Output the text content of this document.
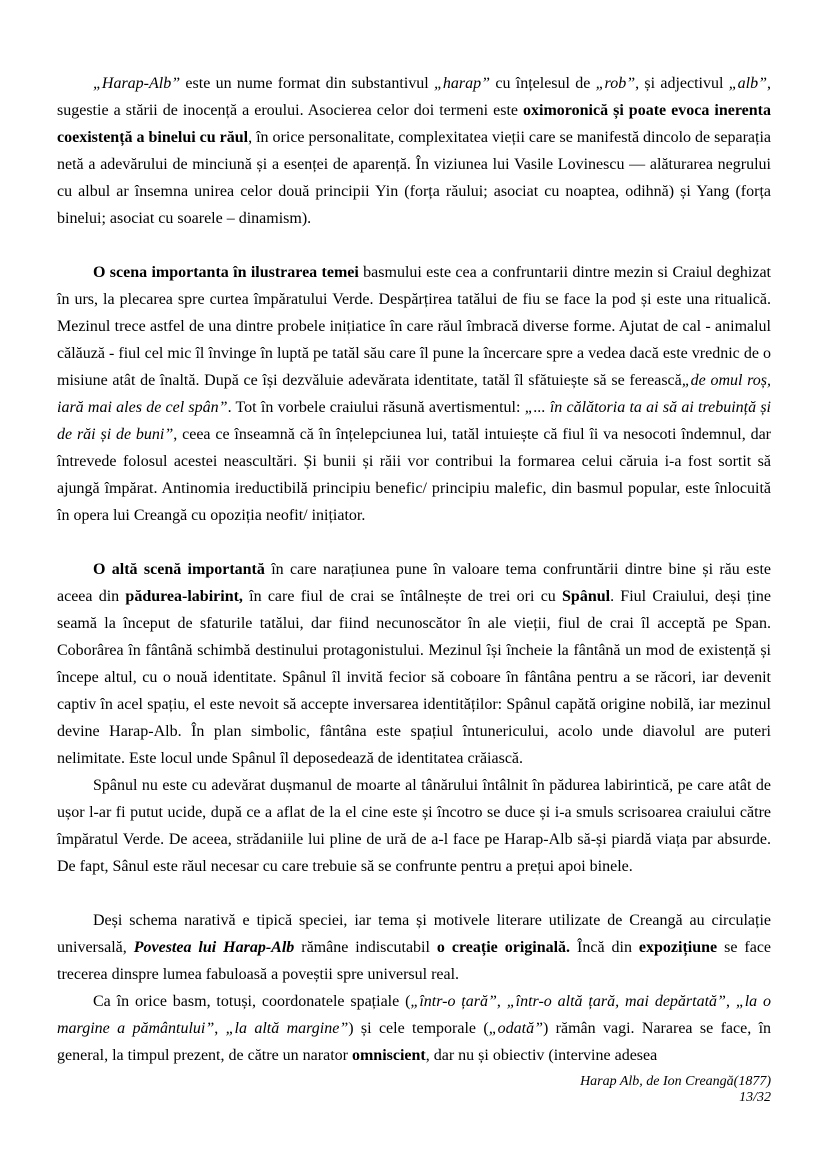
„Harap-Alb” este un nume format din substantivul „harap” cu înțelesul de „rob”, și adjectivul „alb”, sugestie a stării de inocență a eroului. Asocierea celor doi termeni este oximoronică și poate evoca inerenta coexistență a binelui cu răul, în orice personalitate, complexitatea vieții care se manifestă dincolo de separația netă a adevărului de minciună și a esenței de aparență. În viziunea lui Vasile Lovinescu — alăturarea negrului cu albul ar însemna unirea celor două principii Yin (forța răului; asociat cu noaptea, odihnă) și Yang (forța binelui; asociat cu soarele – dinamism).

O scena importanta în ilustrarea temei basmului este cea a confruntarii dintre mezin si Craiul deghizat în urs, la plecarea spre curtea împăratului Verde. Despărțirea tatălui de fiu se face la pod și este una ritualică. Mezinul trece astfel de una dintre probele inițiatice în care răul îmbracă diverse forme. Ajutat de cal - animalul călăuză - fiul cel mic îl învinge în luptă pe tatăl său care îl pune la încercare spre a vedea dacă este vrednic de o misiune atât de înaltă. După ce își dezvăluie adevărata identitate, tatăl îl sfătuiește să se ferească„de omul roș, iară mai ales de cel spân”. Tot în vorbele craiului răsună avertismentul: „... în călătoria ta ai să ai trebuință și de răi și de buni”, ceea ce înseamnă că în înțelepciunea lui, tatăl intuiește că fiul îi va nesocoti îndemnul, dar întrevede folosul acestei neascultări. Și bunii și răii vor contribui la formarea celui căruia i-a fost sortit să ajungă împărat. Antinomia ireductibilă principiu benefic/ principiu malefic, din basmul popular, este înlocuită în opera lui Creangă cu opoziția neofit/ inițiator.

O altă scenă importantă în care narațiunea pune în valoare tema confruntării dintre bine și rău este aceea din pădurea-labirint, în care fiul de crai se întâlnește de trei ori cu Spânul. Fiul Craiului, deși ține seamă la început de sfaturile tatălui, dar fiind necunoscător în ale vieții, fiul de crai îl acceptă pe Span. Coborârea în fântână schimbă destinului protagonistului. Mezinul își încheie la fântână un mod de existență și începe altul, cu o nouă identitate. Spânul îl invită fecior să coboare în fântâna pentru a se răcori, iar devenit captiv în acel spațiu, el este nevoit să accepte inversarea identităților: Spânul capătă origine nobilă, iar mezinul devine Harap-Alb. În plan simbolic, fântâna este spațiul întunericului, acolo unde diavolul are puteri nelimitate. Este locul unde Spânul îl deposedează de identitatea crăiască.

Spânul nu este cu adevărat dușmanul de moarte al tânărului întâlnit în pădurea labirintică, pe care atât de ușor l-ar fi putut ucide, după ce a aflat de la el cine este și încotro se duce și i-a smuls scrisoarea craiului către împăratul Verde. De aceea, strădaniile lui pline de ură de a-l face pe Harap-Alb să-și piardă viața par absurde. De fapt, Sânul este răul necesar cu care trebuie să se confrunte pentru a prețui apoi binele.

Deși schema narativă e tipică speciei, iar tema și motivele literare utilizate de Creangă au circulație universală, Povestea lui Harap-Alb rămâne indiscutabil o creație originală. Încă din expozițiune se face trecerea dinspre lumea fabuloasă a poveștii spre universul real.

Ca în orice basm, totuși, coordonatele spațiale („într-o țară”, „într-o altă țară, mai depărtată”, „la o margine a pământului”, „la altă margine”) și cele temporale („odată”) rămân vagi. Nararea se face, în general, la timpul prezent, de către un narator omniscient, dar nu și obiectiv (intervine adesea

Harap Alb, de Ion Creangă(1877)
13/32
